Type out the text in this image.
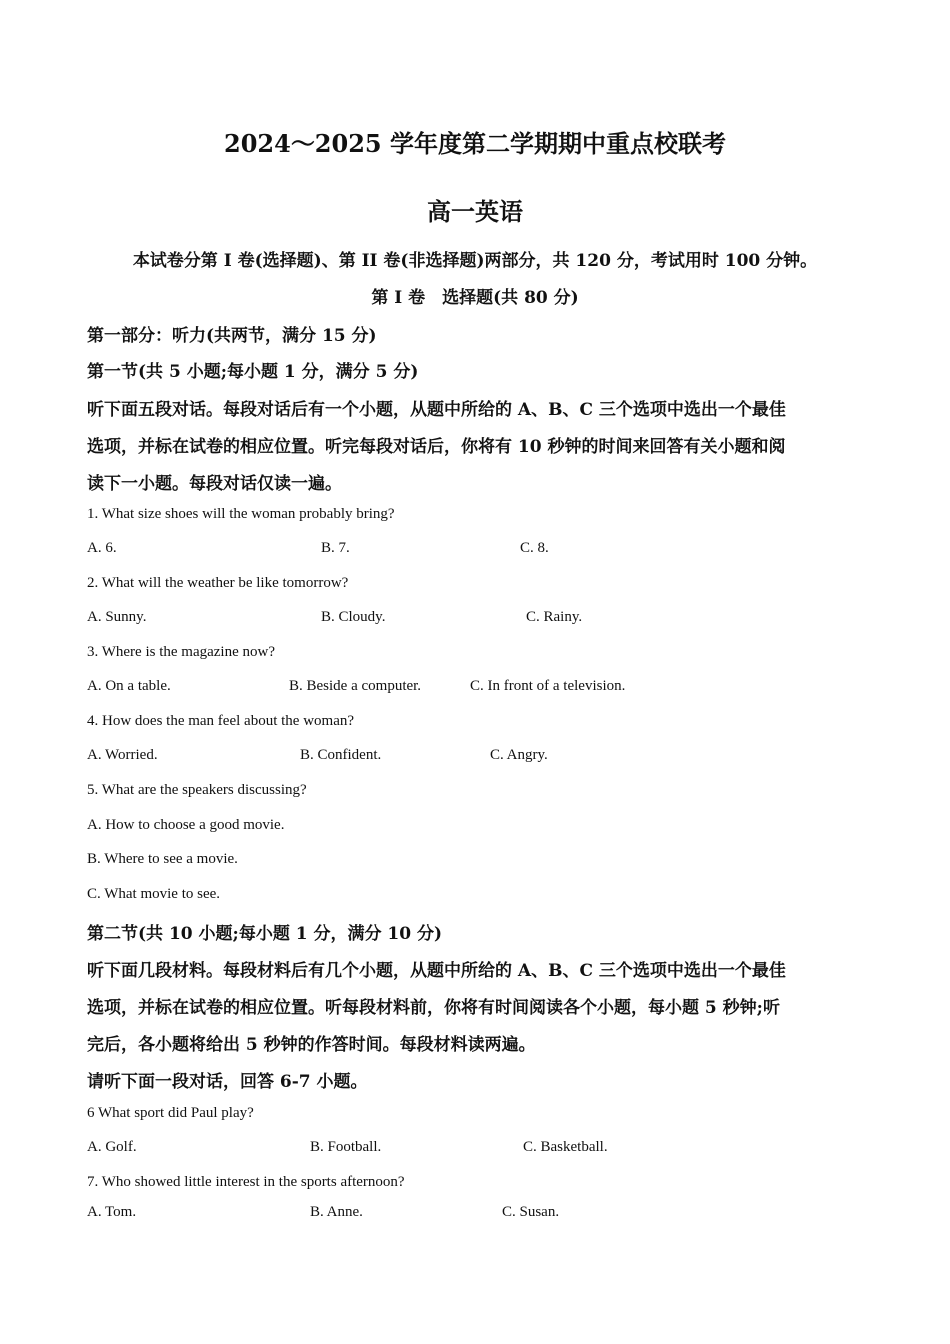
2024～2025 学年度第二学期期中重点校联考
高一英语
本试卷分第 I 卷(选择题)、第 II 卷(非选择题)两部分，共 120 分，考试用时 100 分钟。
第 I 卷　选择题(共 80 分)
第一部分：听力(共两节，满分 15 分)
第一节(共 5 小题;每小题 1 分，满分 5 分)
听下面五段对话。每段对话后有一个小题，从题中所给的 A、B、C 三个选项中选出一个最佳
选项，并标在试卷的相应位置。听完每段对话后，你将有 10 秒钟的时间来回答有关小题和阅
读下一小题。每段对话仅读一遍。
1. What size shoes will the woman probably bring?
A. 6.	B. 7.	C. 8.
2. What will the weather be like tomorrow?
A. Sunny.	B. Cloudy.	C. Rainy.
3. Where is the magazine now?
A. On a table.	B. Beside a computer.	C. In front of a television.
4. How does the man feel about the woman?
A. Worried.	B. Confident.	C. Angry.
5. What are the speakers discussing?
A. How to choose a good movie.
B. Where to see a movie.
C. What movie to see.
第二节(共 10 小题;每小题 1 分，满分 10 分)
听下面几段材料。每段材料后有几个小题，从题中所给的 A、B、C 三个选项中选出一个最佳
选项，并标在试卷的相应位置。听每段材料前，你将有时间阅读各个小题，每小题 5 秒钟;听
完后，各小题将给出 5 秒钟的作答时间。每段材料读两遍。
请听下面一段对话，回答 6-7 小题。
6 What sport did Paul play?
A. Golf.	B. Football.	C. Basketball.
7. Who showed little interest in the sports afternoon?
A. Tom.	B. Anne.	C. Susan.
